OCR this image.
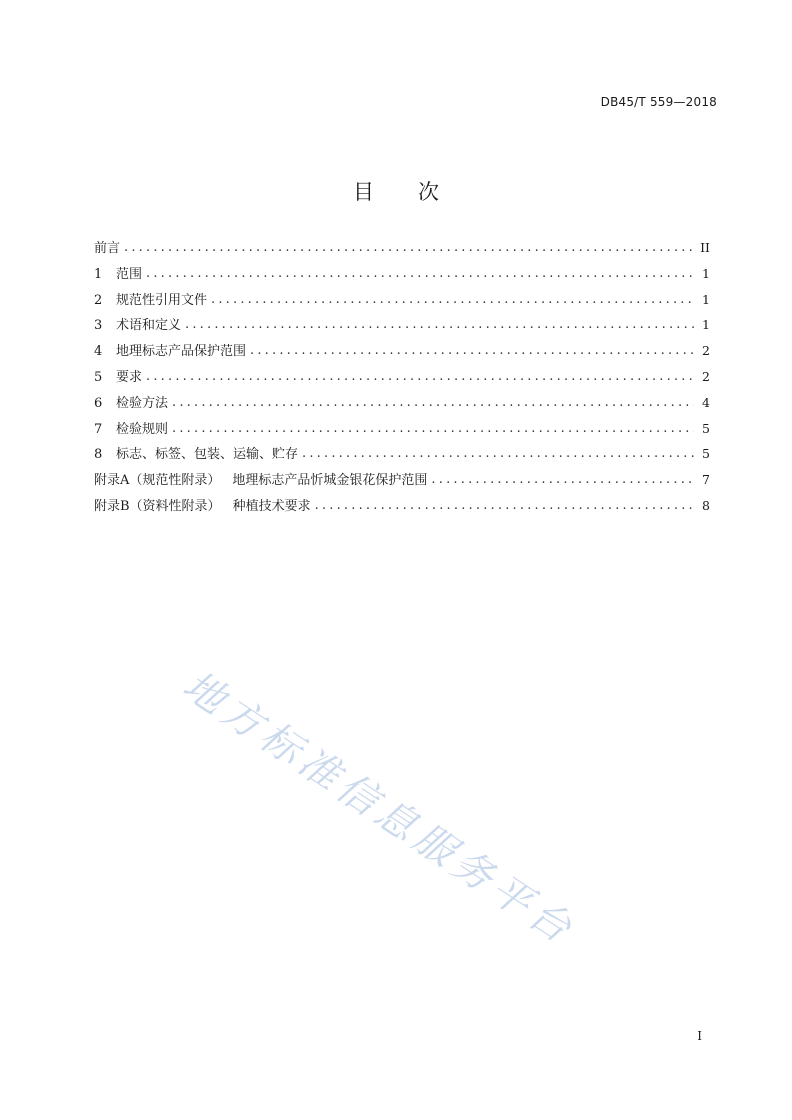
DB45/T 559—2018
目次
前言 .....	II
1	范围 .....	1
2	规范性引用文件 .....	1
3	术语和定义 .....	1
4	地理标志产品保护范围 .....	2
5	要求 .....	2
6	检验方法 .....	4
7	检验规则 .....	5
8	标志、标签、包装、运输、贮存 .....	5
附录A（规范性附录） 地理标志产品忻城金银花保护范围 .....	7
附录B（资料性附录） 种植技术要求 .....	8
地方标准信息服务平台
I
